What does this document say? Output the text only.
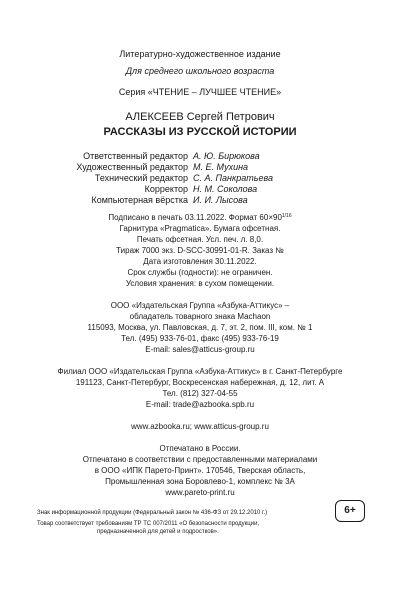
Литературно-художественное издание
Для среднего школьного возраста
Серия «ЧТЕНИЕ – ЛУЧШЕЕ ЧТЕНИЕ»
АЛЕКСЕЕВ Сергей Петрович
РАССКАЗЫ ИЗ РУССКОЙ ИСТОРИИ
Ответственный редактор А. Ю. Бирюкова
Художественный редактор М. Е. Мухина
Технический редактор С. А. Панкратьева
Корректор Н. М. Соколова
Компьютерная вёрстка И. И. Лысова
Подписано в печать 03.11.2022. Формат $60\times 90^{1/16}$
Гарнитура «Pragmatica». Бумага офсетная.
Печать офсетная. Усл. печ. л. 8,0.
Тираж 7000 экз. D-SCC-30991-01-R. Заказ №
Дата изготовления 30.11.2022.
Срок службы (годности): не ограничен.
Условия хранения: в сухом помещении.
ООО «Издательская Группа «Азбука-Аттикус» –
обладатель товарного знака Machaon
115093, Москва, ул. Павловская, д. 7, эт. 2, пом. III, ком. № 1
Тел. (495) 933-76-01, факс (495) 933-76-19
E-mail: sales@atticus-group.ru
Филиал ООО «Издательская Группа «Азбука-Аттикус» в г. Санкт-Петербурге
191123, Санкт-Петербург, Воскресенская набережная, д. 12, лит. А
Тел. (812) 327-04-55
E-mail: trade@azbooka.spb.ru
www.azbooka.ru; www.atticus-group.ru
Отпечатано в России.
Отпечатано в соответствии с предоставленными материалами
в ООО «ИПК Парето-Принт». 170546, Тверская область,
Промышленная зона Боровлево-1, комплекс № 3А
www.pareto-print.ru
Знак информационной продукции (Федеральный закон № 436-ФЗ от 29.12.2010 г.)
Товар соответствует требованиям ТР ТС 007/2011 «О безопасности продукции,
предназначенной для детей и подростков».
6+
